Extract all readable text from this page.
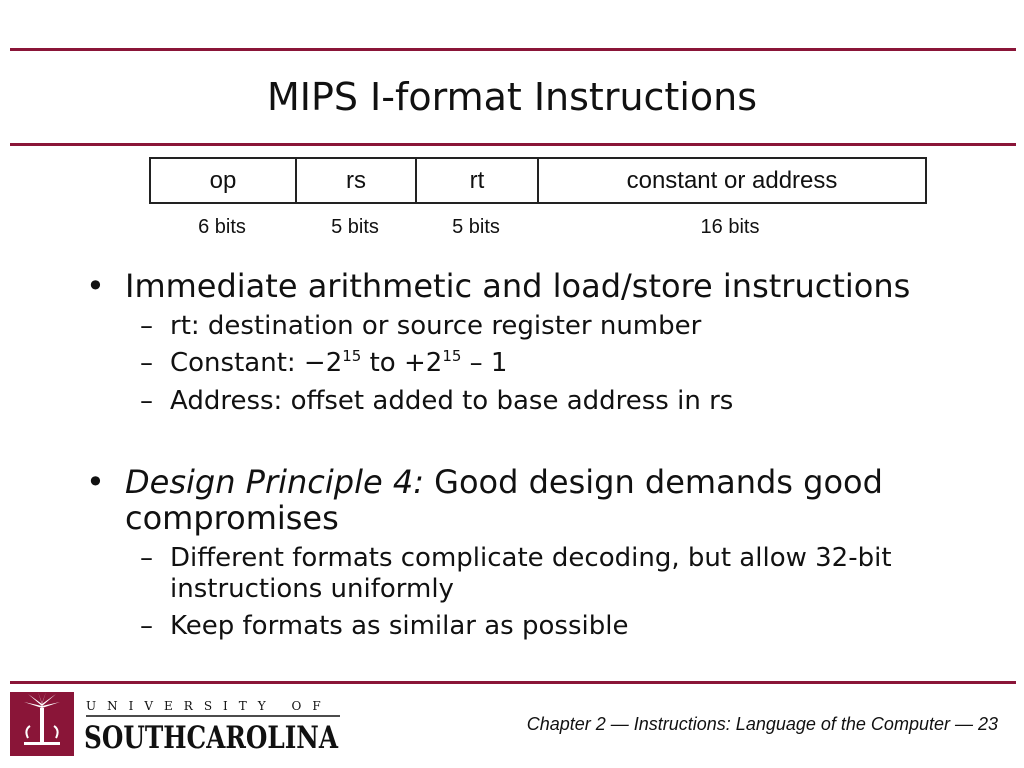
MIPS I-format Instructions
op	rs	rt	constant or address
6 bits	5 bits	5 bits	16 bits
• Immediate arithmetic and load/store instructions
– rt: destination or source register number
– Constant: $-2^{15}$ to $+2^{15} - 1$
– Address: offset added to base address in rs
• Design Principle 4: Good design demands good compromises
– Different formats complicate decoding, but allow 32-bit instructions uniformly
– Keep formats as similar as possible
UNIVERSITY OF
SOUTHCAROLINA	Chapter 2 — Instructions: Language of the Computer — 23
